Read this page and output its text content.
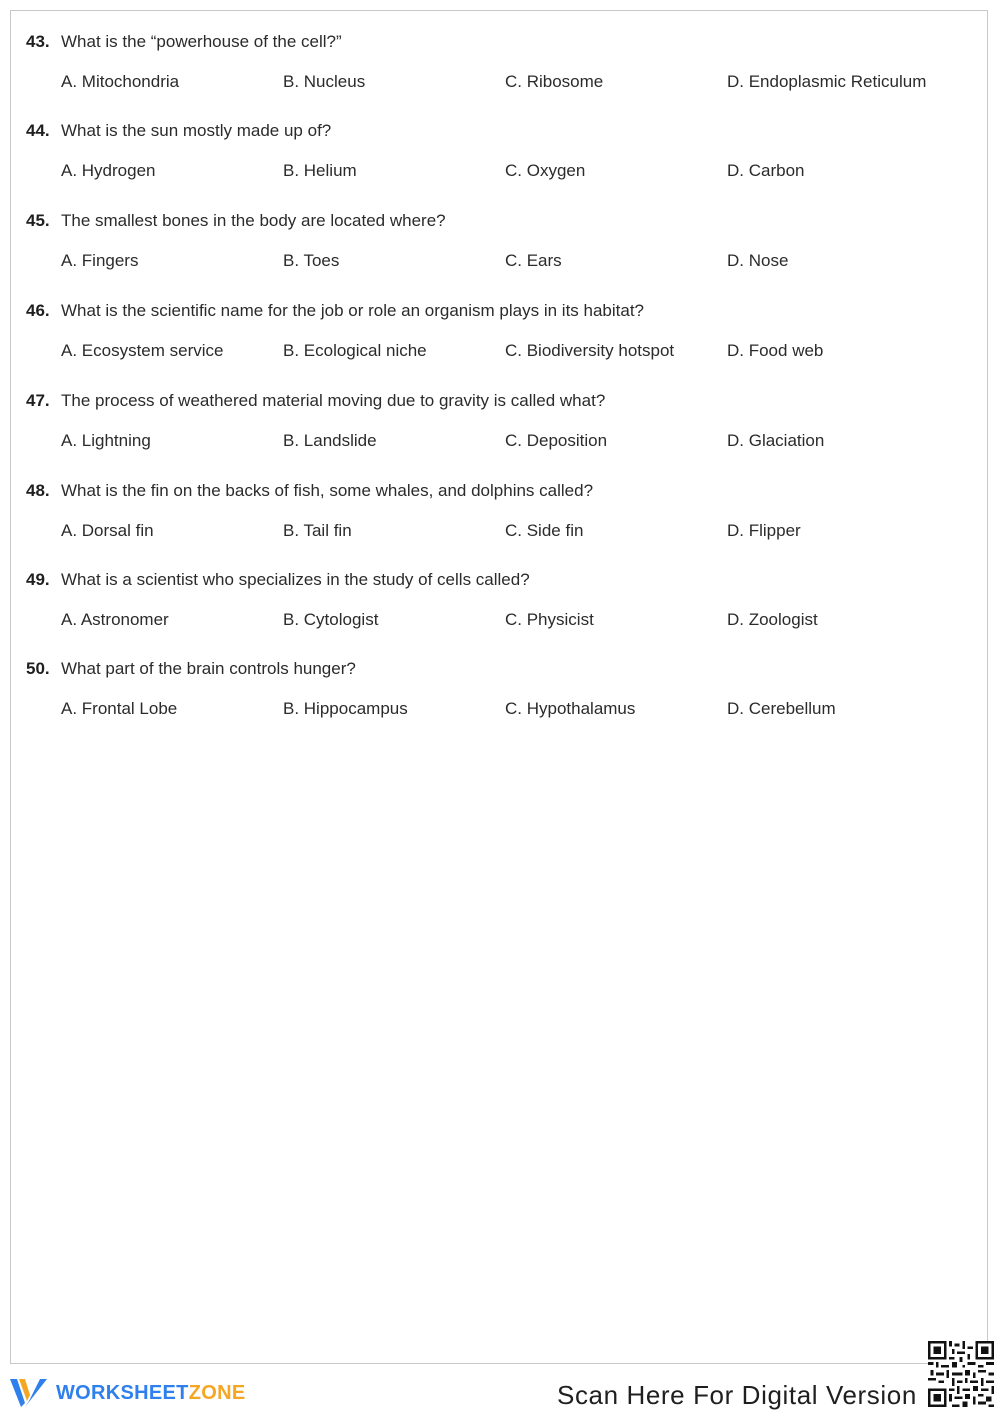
43. What is the “powerhouse of the cell?”
A. Mitochondria	B. Nucleus	C. Ribosome	D. Endoplasmic Reticulum
44. What is the sun mostly made up of?
A. Hydrogen	B. Helium	C. Oxygen	D. Carbon
45. The smallest bones in the body are located where?
A. Fingers	B. Toes	C. Ears	D. Nose
46. What is the scientific name for the job or role an organism plays in its habitat?
A. Ecosystem service	B. Ecological niche	C. Biodiversity hotspot	D. Food web
47. The process of weathered material moving due to gravity is called what?
A. Lightning	B. Landslide	C. Deposition	D. Glaciation
48. What is the fin on the backs of fish, some whales, and dolphins called?
A. Dorsal fin	B. Tail fin	C. Side fin	D. Flipper
49. What is a scientist who specializes in the study of cells called?
A. Astronomer	B. Cytologist	C. Physicist	D. Zoologist
50. What part of the brain controls hunger?
A. Frontal Lobe	B. Hippocampus	C. Hypothalamus	D. Cerebellum
WORKSHEETZONE	Scan Here For Digital Version
